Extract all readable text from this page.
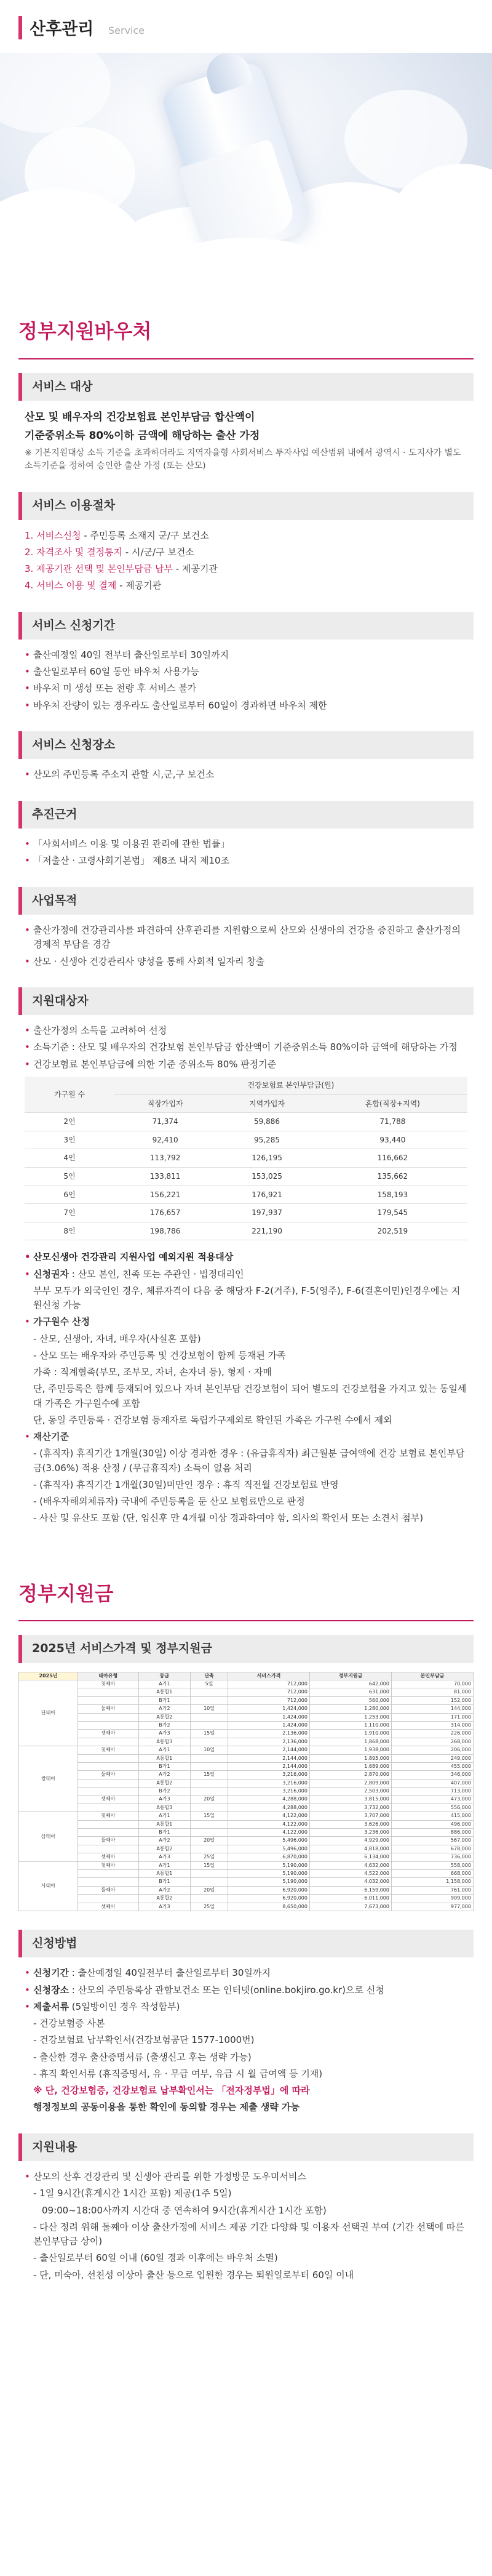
산후관리 Service
정부지원바우처
서비스 대상

산모 및 배우자의 건강보험료 본인부담금 합산액이

기준중위소득 80%이하 금액에 해당하는 출산 가정

※ 기본지원대상 소득 기준을 초과하더라도 지역자율형 사회서비스 투자사업 예산범위 내에서 광역시 · 도지사가 별도 소득기준을 정하여 승인한 출산 가정 (또는 산모)

서비스 이용절차
1. 서비스신청 - 주민등록 소재지 군/구 보건소
2. 자격조사 및 결정통지 - 시/군/구 보건소
3. 제공기관 선택 및 본인부담금 납부 - 제공기관
4. 서비스 이용 및 결제 - 제공기관
서비스 신청기간
• 출산예정일 40일 전부터 출산일로부터 30일까지
• 출산일로부터 60일 동안 바우처 사용가능
• 바우처 미 생성 또는 전량 후 서비스 불가
• 바우처 잔량이 있는 경우라도 출산일로부터 60일이 경과하면 바우처 제한
서비스 신청장소
• 산모의 주민등록 주소지 관할 시,군,구 보건소
추진근거
• 「사회서비스 이용 및 이용권 관리에 관한 법률」
• 「저출산 · 고령사회기본법」 제8조 내지 제10조
사업목적
• 출산가정에 건강관리사를 파견하여 산후관리를 지원함으로써 산모와 신생아의 건강을 증진하고 출산가정의 경제적 부담을 경감
• 산모 · 신생아 건강관리사 양성을 통해 사회적 일자리 창출
지원대상자
• 출산가정의 소득을 고려하여 선정
• 소득기준 : 산모 및 배우자의 건강보험 본인부담금 합산액이 기준중위소득 80%이하 금액에 해당하는 가정
• 건강보험료 본인부담금에 의한 기준 중위소득 80% 판정기준
가구원 수	건강보험료 본인부담금(원)		
	직장가입자	지역가입자	혼합(직장+지역)
2인	71,374	59,886	71,788
3인	92,410	95,285	93,440
4인	113,792	126,195	116,662
5인	133,811	153,025	135,662
6인	156,221	176,921	158,193
7인	176,657	197,937	179,545
8인	198,786	221,190	202,519
• 산모신생아 건강관리 지원사업 예외지원 적용대상
• 신청권자 : 산모 본인, 친족 또는 주관인 · 법정대리인

부부 모두가 외국인인 경우, 체류자격이 다음 중 해당자 F-2(거주), F-5(영주), F-6(결혼이민)인경우에는 지원신청 가능

• 가구원수 산정

- 산모, 신생아, 자녀, 배우자(사실혼 포함)

- 산모 또는 배우자와 주민등록 및 건강보험이 함께 등재된 가족

가족 : 직계혈족(부모, 조부모, 자녀, 손자녀 등), 형제 · 자매

단, 주민등록은 함께 등재되어 있으나 자녀 본인부담 건강보험이 되어 별도의 건강보험을 가지고 있는 동일세대 가족은 가구원수에 포함

단, 동일 주민등록 · 건강보험 등재자로 독립가구제외로 확인된 가족은 가구원 수에서 제외

• 재산기준

- (휴직자) 휴직기간 1개월(30일) 이상 경과한 경우 : (유급휴직자) 최근월분 급여액에 건강 보험료 본인부담금(3.06%) 적용 산정 / (무급휴직자) 소득이 없음 처리

- (휴직자) 휴직기간 1개월(30일)미만인 경우 : 휴직 직전월 건강보험료 반영

- (배우자해외체류자) 국내에 주민등록을 둔 산모 보험료만으로 판정

- 사산 및 유산도 포함 (단, 임신후 만 4개월 이상 경과하여야 함, 의사의 확인서 또는 소견서 첨부)

정부지원금
2025년 서비스가격 및 정부지원금
2025년	태아유형	등급	단축	서비스가격	정부지원금	본인부담금
단태아	첫째아	A가1	5일	712,000	642,000	70,000
		A통합1		712,000	631,000	81,000
		B가1		712,000	560,000	152,000
	둘째아	A가2	10일	1,424,000	1,280,000	144,000
		A통합2		1,424,000	1,253,000	171,000
		B가2		1,424,000	1,110,000	314,000
	셋째아	A가3	15일	2,136,000	1,910,000	226,000
		A통합3		2,136,000	1,868,000	268,000
쌍태아	첫째아	A가1	10일	2,144,000	1,938,000	206,000
		A통합1		2,144,000	1,895,000	249,000
		B가1		2,144,000	1,689,000	455,000
	둘째아	A가2	15일	3,216,000	2,870,000	346,000
		A통합2		3,216,000	2,809,000	407,000
		B가2		3,216,000	2,503,000	713,000
	셋째아	A가3	20일	4,288,000	3,815,000	473,000
		A통합3		4,288,000	3,732,000	556,000
삼태아	첫째아	A가1	15일	4,122,000	3,707,000	415,000
		A통합1		4,122,000	3,626,000	496,000
		B가1		4,122,000	3,236,000	886,000
	둘째아	A가2	20일	5,496,000	4,929,000	567,000
		A통합2		5,496,000	4,818,000	678,000
	셋째아	A가3	25일	6,870,000	6,134,000	736,000
사태아	첫째아	A가1	15일	5,190,000	4,632,000	558,000
		A통합1		5,190,000	4,522,000	668,000
		B가1		5,190,000	4,032,000	1,158,000
	둘째아	A가2	20일	6,920,000	6,159,000	761,000
		A통합2		6,920,000	6,011,000	909,000
	셋째아	A가3	25일	8,650,000	7,673,000	977,000
신청방법
• 신청기간 : 출산예정일 40일전부터 출산일로부터 30일까지
• 신청장소 : 산모의 주민등록상 관할보건소 또는 인터넷(online.bokjiro.go.kr)으로 신청
• 제출서류 (5일방이인 경우 작성함부)

- 건강보험증 사본

- 건강보험료 납부확인서(건강보험공단 1577-1000번)

- 출산한 경우 출산증명서류 (출생신고 후는 생략 가능)

- 휴직 확인서류 (휴직증명서, 유 · 무급 여부, 유급 시 월 급여액 등 기재)

※ 단, 건강보험증, 건강보험료 납부확인서는 「전자정부법」에 따라

행정정보의 공동이용을 통한 확인에 동의할 경우는 제출 생략 가능

지원내용
• 산모의 산후 건강관리 및 신생아 관리를 위한 가정방문 도우미서비스

- 1일 9시간(휴게시간 1시간 포함) 제공(1주 5일)

09:00~18:00사까지 시간대 중 연속하여 9시간(휴게시간 1시간 포함)

- 다산 정려 위해 둘째아 이상 출산가정에 서비스 제공 기간 다양화 및 이용자 선택권 부여 (기간 선택에 따른 본인부담금 상이)

- 출산일로부터 60일 이내 (60일 경과 이후에는 바우처 소멸)

- 단, 미숙아, 선천성 이상아 출산 등으로 입원한 경우는 퇴원일로부터 60일 이내
